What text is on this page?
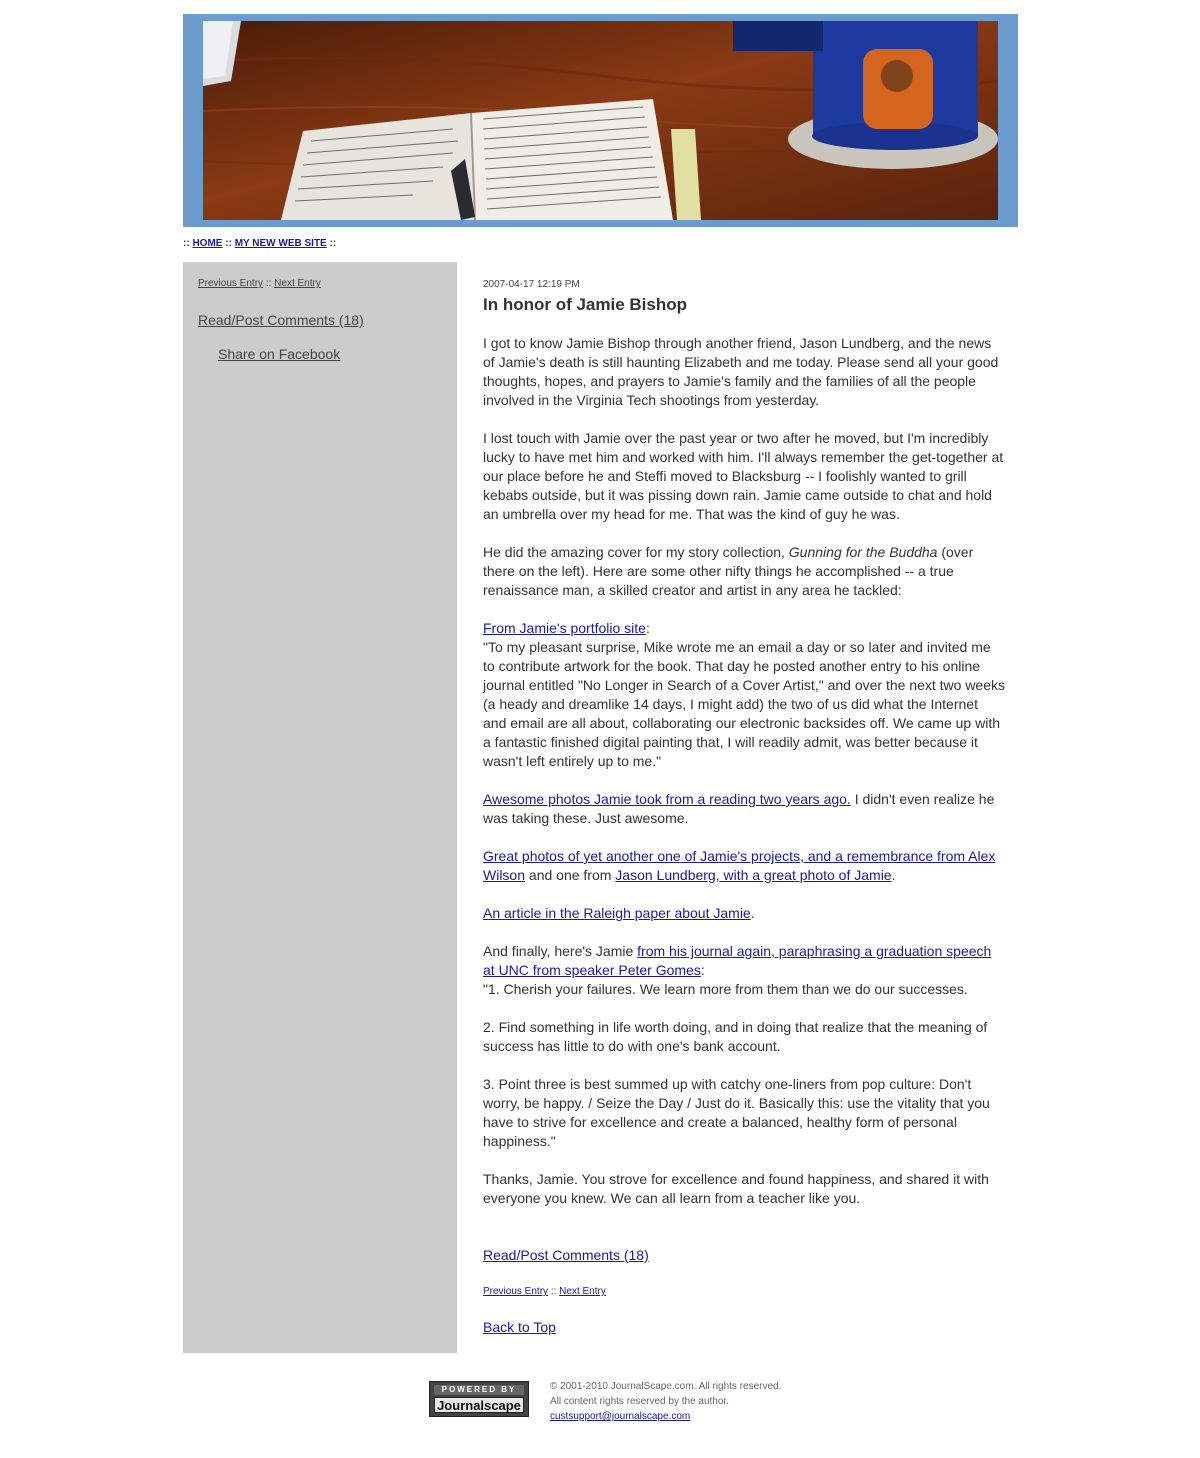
:: HOME :: MY NEW WEB SITE ::
Previous Entry :: Next Entry
Read/Post Comments (18)
Share on Facebook
2007-04-17 12:19 PM
In honor of Jamie Bishop

I got to know Jamie Bishop through another friend, Jason Lundberg, and the news of Jamie's death is still haunting Elizabeth and me today. Please send all your good thoughts, hopes, and prayers to Jamie's family and the families of all the people involved in the Virginia Tech shootings from yesterday.

I lost touch with Jamie over the past year or two after he moved, but I'm incredibly lucky to have met him and worked with him. I'll always remember the get-together at our place before he and Steffi moved to Blacksburg -- I foolishly wanted to grill kebabs outside, but it was pissing down rain. Jamie came outside to chat and hold an umbrella over my head for me. That was the kind of guy he was.

He did the amazing cover for my story collection, Gunning for the Buddha (over there on the left). Here are some other nifty things he accomplished -- a true renaissance man, a skilled creator and artist in any area he tackled:

From Jamie's portfolio site:
"To my pleasant surprise, Mike wrote me an email a day or so later and invited me to contribute artwork for the book. That day he posted another entry to his online journal entitled "No Longer in Search of a Cover Artist," and over the next two weeks (a heady and dreamlike 14 days, I might add) the two of us did what the Internet and email are all about, collaborating our electronic backsides off. We came up with a fantastic finished digital painting that, I will readily admit, was better because it wasn't left entirely up to me."

Awesome photos Jamie took from a reading two years ago. I didn't even realize he was taking these. Just awesome.

Great photos of yet another one of Jamie's projects, and a remembrance from Alex Wilson and one from Jason Lundberg, with a great photo of Jamie.

An article in the Raleigh paper about Jamie.

And finally, here's Jamie from his journal again, paraphrasing a graduation speech at UNC from speaker Peter Gomes:
"1. Cherish your failures. We learn more from them than we do our successes.

2. Find something in life worth doing, and in doing that realize that the meaning of success has little to do with one's bank account.

3. Point three is best summed up with catchy one-liners from pop culture: Don't worry, be happy. / Seize the Day / Just do it. Basically this: use the vitality that you have to strive for excellence and create a balanced, healthy form of personal happiness."

Thanks, Jamie. You strove for excellence and found happiness, and shared it with everyone you knew. We can all learn from a teacher like you.

Read/Post Comments (18)

Previous Entry :: Next Entry

Back to Top

POWERED BY
Journalscape
© 2001-2010 JournalScape.com. All rights reserved.
All content rights reserved by the author.
custsupport@journalscape.com
